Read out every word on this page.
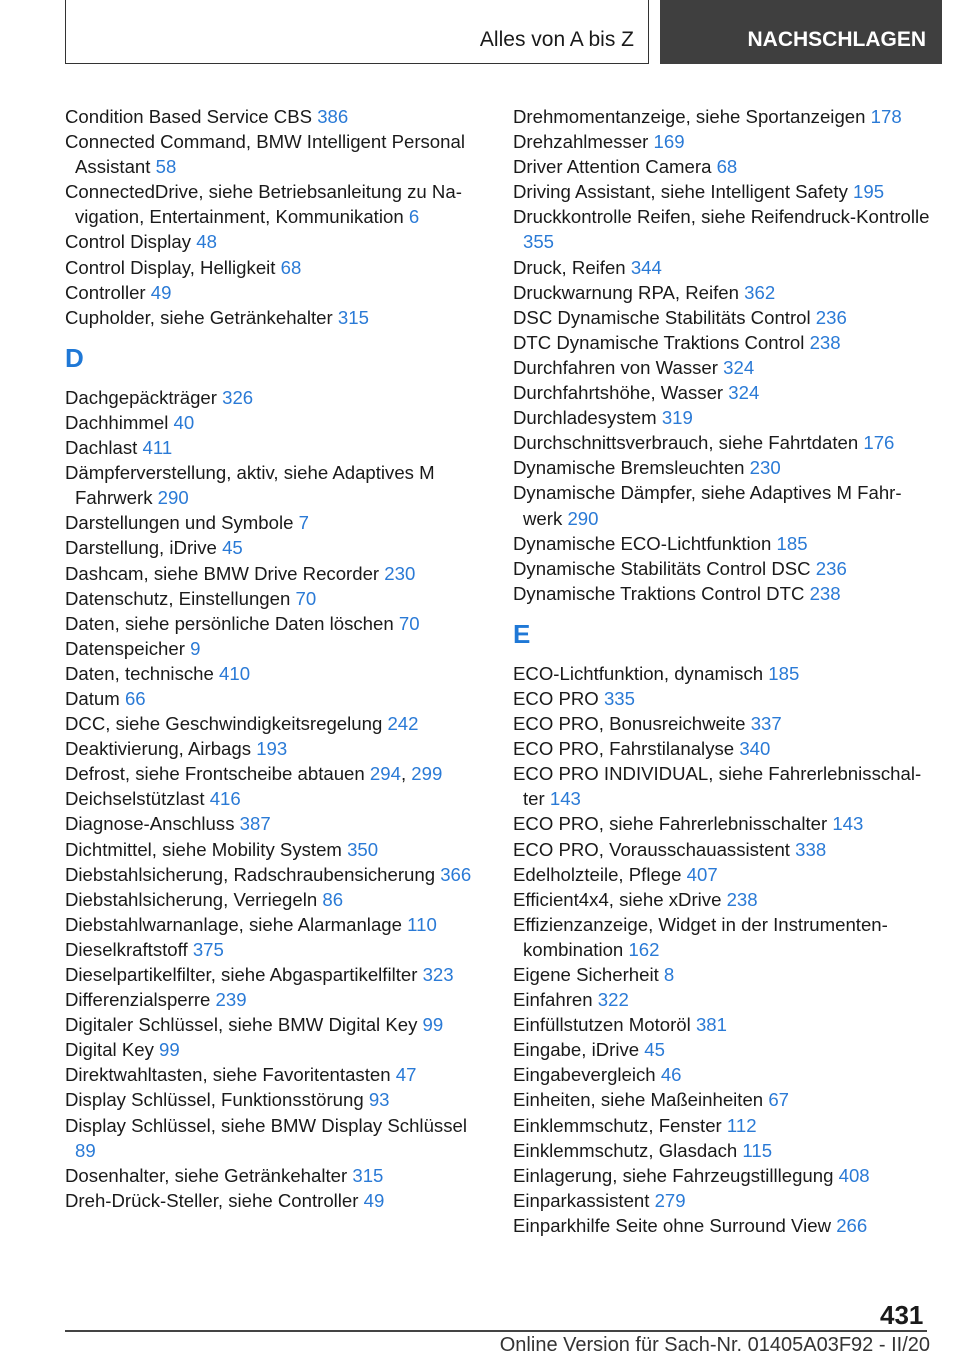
Alles von A bis Z	NACHSCHLAGEN
Condition Based Service CBS 386
Connected Command, BMW Intelligent Personal Assistant 58
ConnectedDrive, siehe Betriebsanleitung zu Navigation, Entertainment, Kommunikation 6
Control Display 48
Control Display, Helligkeit 68
Controller 49
Cupholder, siehe Getränkehalter 315
D
Dachgepäckträger 326
Dachhimmel 40
Dachlast 411
Dämpferverstellung, aktiv, siehe Adaptives M Fahrwerk 290
Darstellungen und Symbole 7
Darstellung, iDrive 45
Dashcam, siehe BMW Drive Recorder 230
Datenschutz, Einstellungen 70
Daten, siehe persönliche Daten löschen 70
Datenspeicher 9
Daten, technische 410
Datum 66
DCC, siehe Geschwindigkeitsregelung 242
Deaktivierung, Airbags 193
Defrost, siehe Frontscheibe abtauen 294, 299
Deichselstützlast 416
Diagnose-Anschluss 387
Dichtmittel, siehe Mobility System 350
Diebstahlsicherung, Radschraubensicherung 366
Diebstahlsicherung, Verriegeln 86
Diebstahlwarnanlage, siehe Alarmanlage 110
Dieselkraftstoff 375
Dieselpartikelfilter, siehe Abgaspartikelfilter 323
Differenzialsperre 239
Digitaler Schlüssel, siehe BMW Digital Key 99
Digital Key 99
Direktwahltasten, siehe Favoritentasten 47
Display Schlüssel, Funktionsstörung 93
Display Schlüssel, siehe BMW Display Schlüssel 89
Dosenhalter, siehe Getränkehalter 315
Dreh-Drück-Steller, siehe Controller 49
Drehmomentanzeige, siehe Sportanzeigen 178
Drehzahlmesser 169
Driver Attention Camera 68
Driving Assistant, siehe Intelligent Safety 195
Druckkontrolle Reifen, siehe Reifendruck-Kontrolle 355
Druck, Reifen 344
Druckwarnung RPA, Reifen 362
DSC Dynamische Stabilitäts Control 236
DTC Dynamische Traktions Control 238
Durchfahren von Wasser 324
Durchfahrtshöhe, Wasser 324
Durchladesystem 319
Durchschnittsverbrauch, siehe Fahrtdaten 176
Dynamische Bremsleuchten 230
Dynamische Dämpfer, siehe Adaptives M Fahrwerk 290
Dynamische ECO-Lichtfunktion 185
Dynamische Stabilitäts Control DSC 236
Dynamische Traktions Control DTC 238
E
ECO-Lichtfunktion, dynamisch 185
ECO PRO 335
ECO PRO, Bonusreichweite 337
ECO PRO, Fahrstilanalyse 340
ECO PRO INDIVIDUAL, siehe Fahrerlebnisschalter 143
ECO PRO, siehe Fahrerlebnisschalter 143
ECO PRO, Vorausschauassistent 338
Edelholzteile, Pflege 407
Efficient4x4, siehe xDrive 238
Effizienzanzeige, Widget in der Instrumentenkombination 162
Eigene Sicherheit 8
Einfahren 322
Einfüllstutzen Motoröl 381
Eingabe, iDrive 45
Eingabevergleich 46
Einheiten, siehe Maßeinheiten 67
Einklemmschutz, Fenster 112
Einklemmschutz, Glasdach 115
Einlagerung, siehe Fahrzeugstilllegung 408
Einparkassistent 279
Einparkhilfe Seite ohne Surround View 266
431
Online Version für Sach-Nr. 01405A03F92 - II/20
